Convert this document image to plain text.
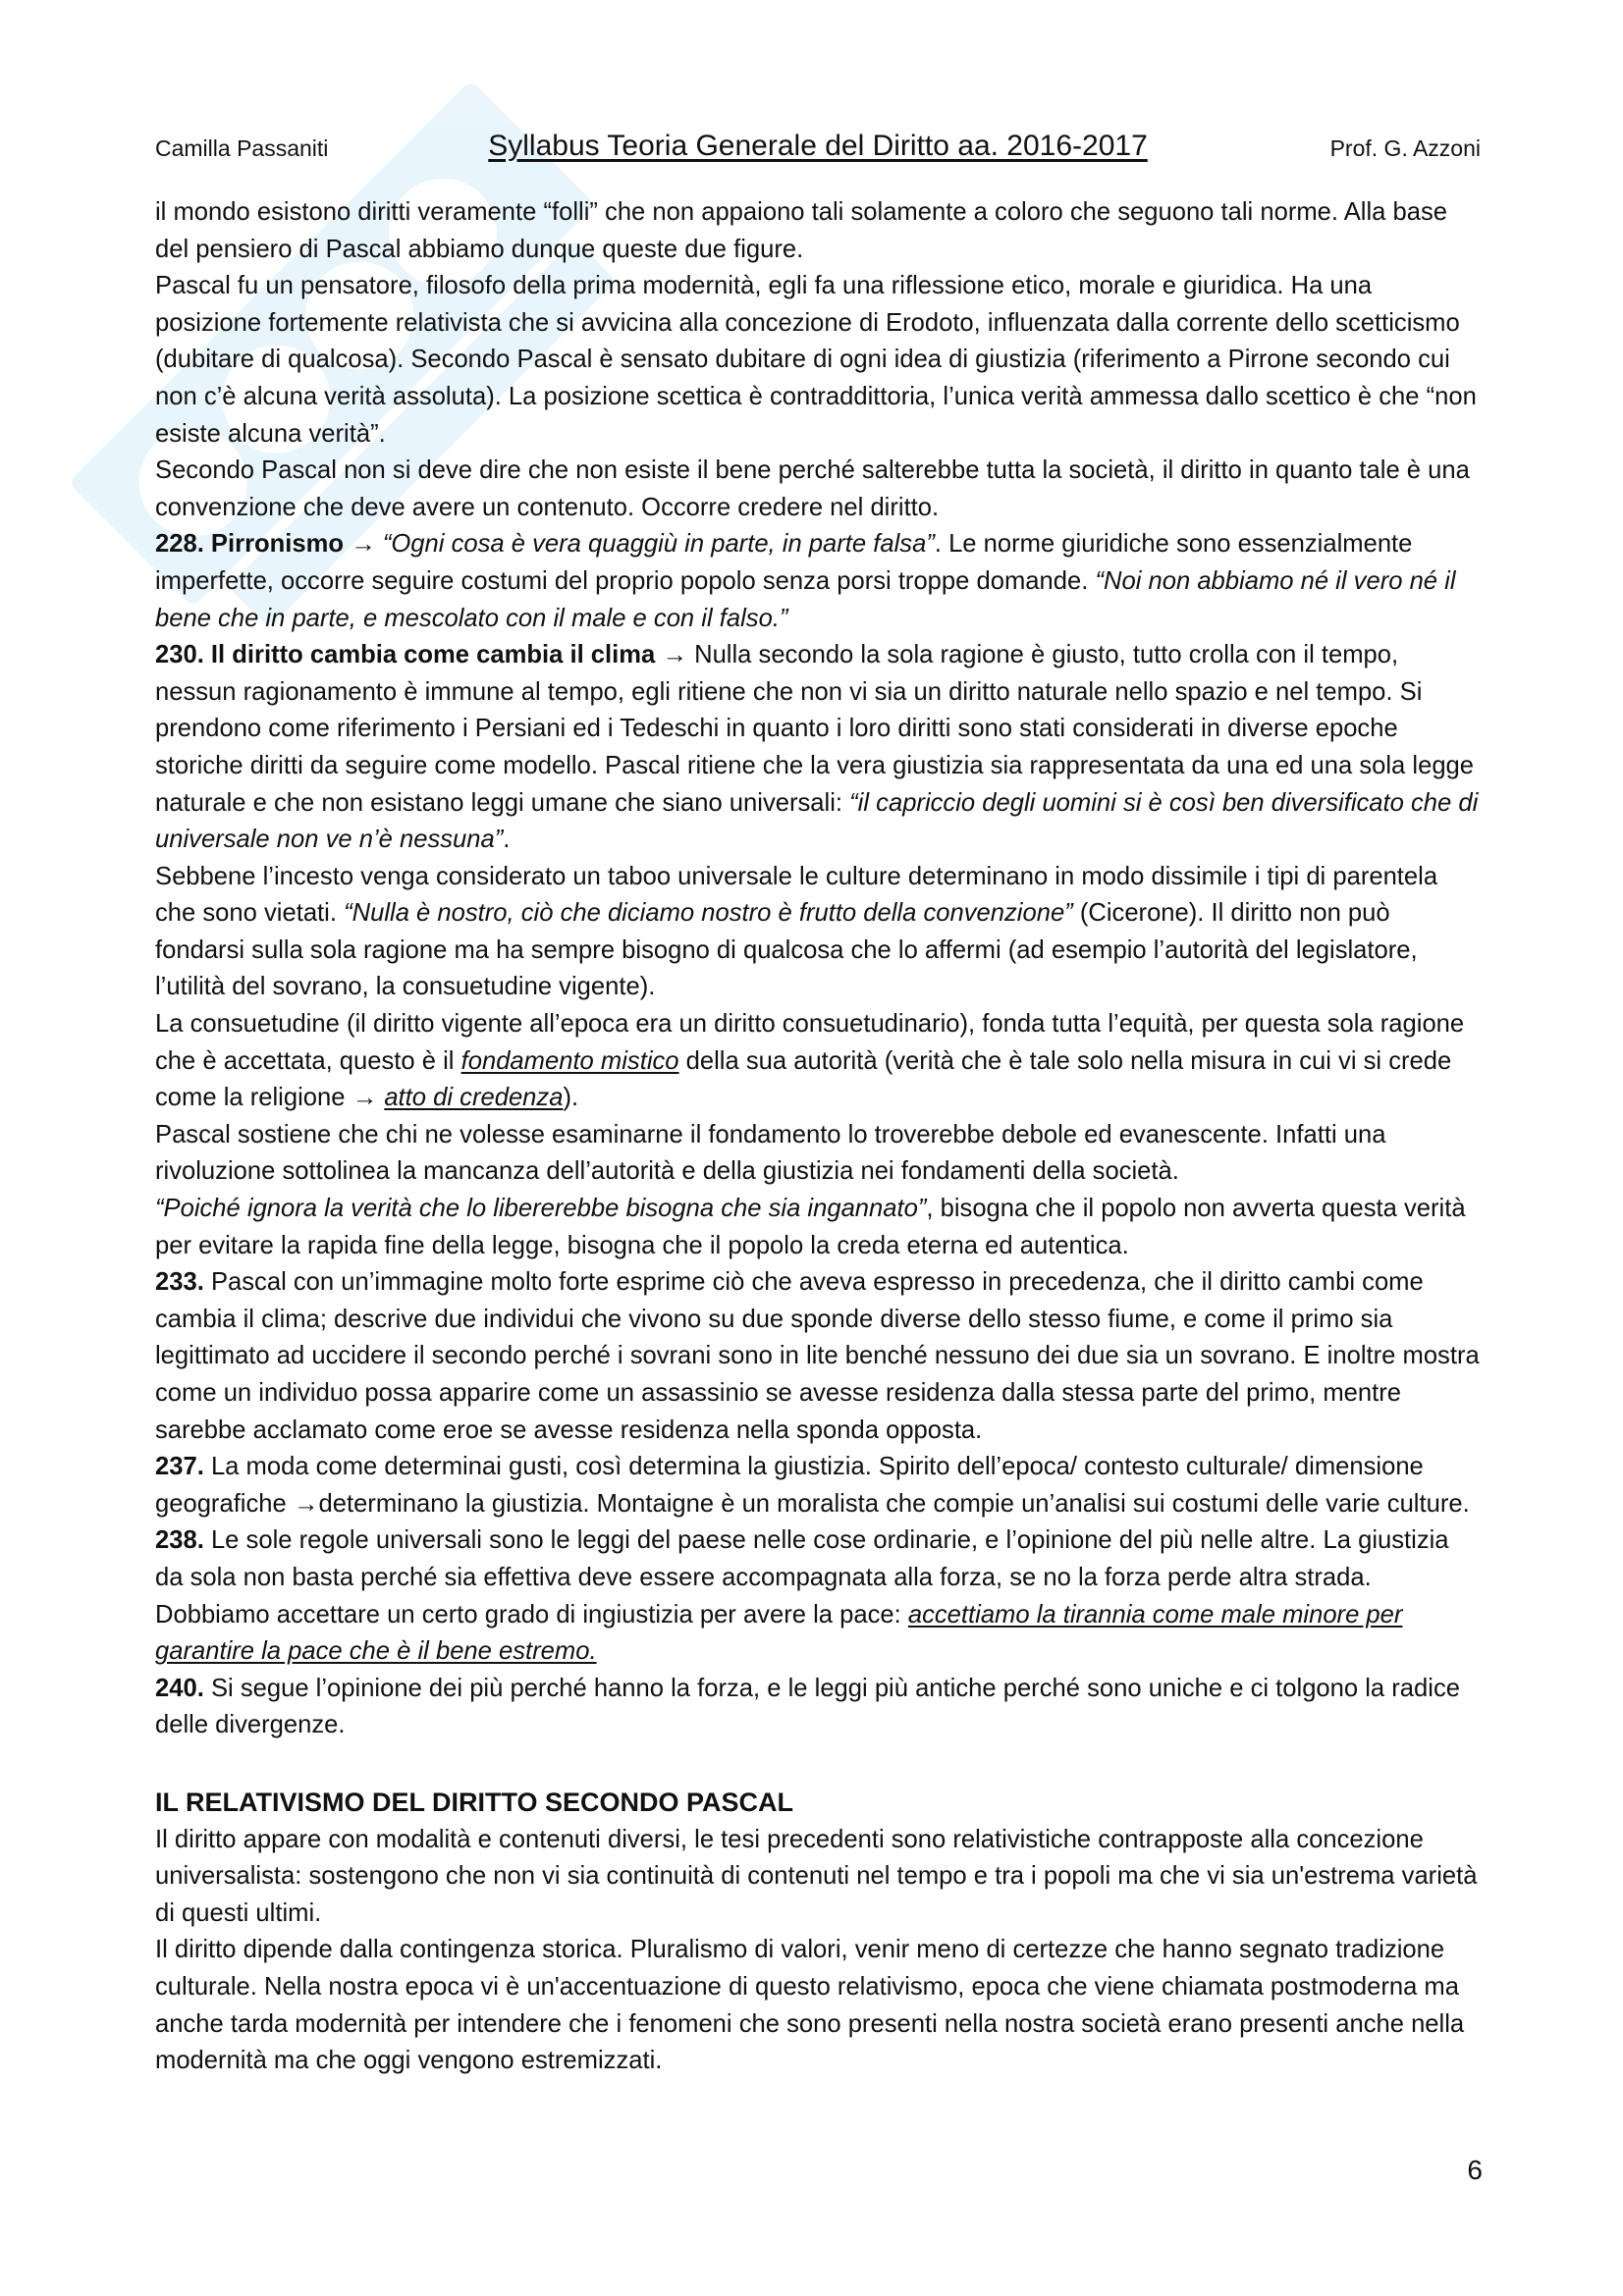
Camilla Passaniti	Syllabus Teoria Generale del Diritto aa. 2016-2017	Prof. G. Azzoni

il mondo esistono diritti veramente “folli” che non appaiono tali solamente a coloro che seguono tali norme. Alla base del pensiero di Pascal abbiamo dunque queste due figure.

Pascal fu un pensatore, filosofo della prima modernità, egli fa una riflessione etico, morale e giuridica. Ha una posizione fortemente relativista che si avvicina alla concezione di Erodoto, influenzata dalla corrente dello scetticismo (dubitare di qualcosa). Secondo Pascal è sensato dubitare di ogni idea di giustizia (riferimento a Pirrone secondo cui non c’è alcuna verità assoluta). La posizione scettica è contraddittoria, l’unica verità ammessa dallo scettico è che “non esiste alcuna verità”.

Secondo Pascal non si deve dire che non esiste il bene perché salterebbe tutta la società, il diritto in quanto tale è una convenzione che deve avere un contenuto. Occorre credere nel diritto.

228. Pirronismo → “Ogni cosa è vera quaggiù in parte, in parte falsa”. Le norme giuridiche sono essenzialmente imperfette, occorre seguire costumi del proprio popolo senza porsi troppe domande. “Noi non abbiamo né il vero né il bene che in parte, e mescolato con il male e con il falso.”

230. Il diritto cambia come cambia il clima → Nulla secondo la sola ragione è giusto, tutto crolla con il tempo, nessun ragionamento è immune al tempo, egli ritiene che non vi sia un diritto naturale nello spazio e nel tempo. Si prendono come riferimento i Persiani ed i Tedeschi in quanto i loro diritti sono stati considerati in diverse epoche storiche diritti da seguire come modello. Pascal ritiene che la vera giustizia sia rappresentata da una ed una sola legge naturale e che non esistano leggi umane che siano universali: “il capriccio degli uomini si è così ben diversificato che di universale non ve n’è nessuna”.

Sebbene l’incesto venga considerato un taboo universale le culture determinano in modo dissimile i tipi di parentela che sono vietati. “Nulla è nostro, ciò che diciamo nostro è frutto della convenzione” (Cicerone). Il diritto non può fondarsi sulla sola ragione ma ha sempre bisogno di qualcosa che lo affermi (ad esempio l’autorità del legislatore, l’utilità del sovrano, la consuetudine vigente).

La consuetudine (il diritto vigente all’epoca era un diritto consuetudinario), fonda tutta l’equità, per questa sola ragione che è accettata, questo è il fondamento mistico della sua autorità (verità che è tale solo nella misura in cui vi si crede come la religione → atto di credenza).

Pascal sostiene che chi ne volesse esaminarne il fondamento lo troverebbe debole ed evanescente. Infatti una rivoluzione sottolinea la mancanza dell’autorità e della giustizia nei fondamenti della società.

“Poiché ignora la verità che lo libererebbe bisogna che sia ingannato”, bisogna che il popolo non avverta questa verità per evitare la rapida fine della legge, bisogna che il popolo la creda eterna ed autentica.

233. Pascal con un’immagine molto forte esprime ciò che aveva espresso in precedenza, che il diritto cambi come cambia il clima; descrive due individui che vivono su due sponde diverse dello stesso fiume, e come il primo sia legittimato ad uccidere il secondo perché i sovrani sono in lite benché nessuno dei due sia un sovrano. E inoltre mostra come un individuo possa apparire come un assassinio se avesse residenza dalla stessa parte del primo, mentre sarebbe acclamato come eroe se avesse residenza nella sponda opposta.

237. La moda come determinai gusti, così determina la giustizia. Spirito dell’epoca/ contesto culturale/ dimensione geografiche →determinano la giustizia. Montaigne è un moralista che compie un’analisi sui costumi delle varie culture.

238. Le sole regole universali sono le leggi del paese nelle cose ordinarie, e l’opinione del più nelle altre. La giustizia da sola non basta perché sia effettiva deve essere accompagnata alla forza, se no la forza perde altra strada. Dobbiamo accettare un certo grado di ingiustizia per avere la pace: accettiamo la tirannia come male minore per garantire la pace che è il bene estremo.

240. Si segue l’opinione dei più perché hanno la forza, e le leggi più antiche perché sono uniche e ci tolgono la radice delle divergenze.

IL RELATIVISMO DEL DIRITTO SECONDO PASCAL

Il diritto appare con modalità e contenuti diversi, le tesi precedenti sono relativistiche contrapposte alla concezione universalista: sostengono che non vi sia continuità di contenuti nel tempo e tra i popoli ma che vi sia un'estrema varietà di questi ultimi.

Il diritto dipende dalla contingenza storica. Pluralismo di valori, venir meno di certezze che hanno segnato tradizione culturale. Nella nostra epoca vi è un'accentuazione di questo relativismo, epoca che viene chiamata postmoderna ma anche tarda modernità per intendere che i fenomeni che sono presenti nella nostra società erano presenti anche nella modernità ma che oggi vengono estremizzati.

6
